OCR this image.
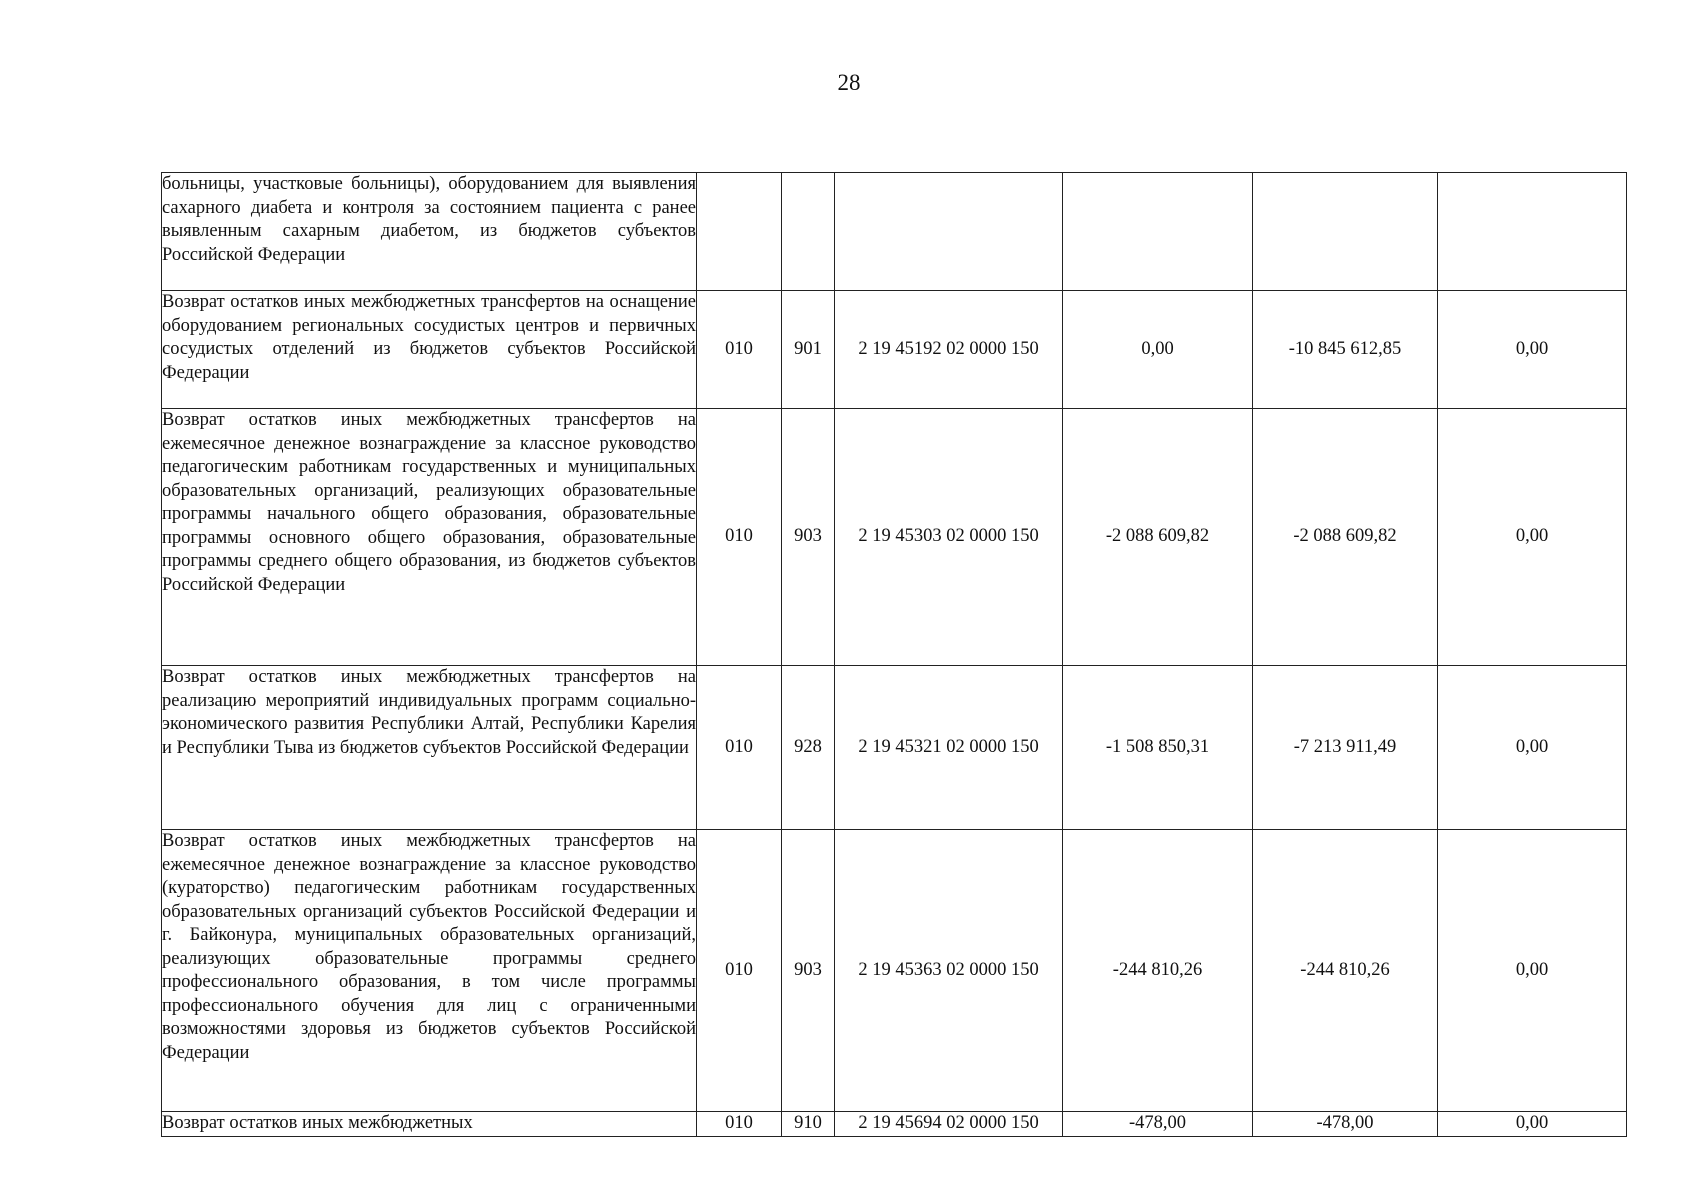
28
больницы, участковые больницы), оборудованием для выявления сахарного диабета и контроля за состоянием пациента с ранее выявленным сахарным диабетом, из бюджетов субъектов Российской Федерации						
Возврат остатков иных межбюджетных трансфертов на оснащение оборудованием региональных сосудистых центров и первичных сосудистых отделений из бюджетов субъектов Российской Федерации	010	901	2 19 45192 02 0000 150	0,00	-10 845 612,85	0,00
Возврат остатков иных межбюджетных трансфертов на ежемесячное денежное вознаграждение за классное руководство педагогическим работникам государственных и муниципальных образовательных организаций, реализующих образовательные программы начального общего образования, образовательные программы основного общего образования, образовательные программы среднего общего образования, из бюджетов субъектов Российской Федерации	010	903	2 19 45303 02 0000 150	-2 088 609,82	-2 088 609,82	0,00
Возврат остатков иных межбюджетных трансфертов на реализацию мероприятий индивидуальных программ социально-экономического развития Республики Алтай, Республики Карелия и Республики Тыва из бюджетов субъектов Российской Федерации	010	928	2 19 45321 02 0000 150	-1 508 850,31	-7 213 911,49	0,00
Возврат остатков иных межбюджетных трансфертов на ежемесячное денежное вознаграждение за классное руководство (кураторство) педагогическим работникам государственных образовательных организаций субъектов Российской Федерации и г. Байконура, муниципальных образовательных организаций, реализующих образовательные программы среднего профессионального образования, в том числе программы профессионального обучения для лиц с ограниченными возможностями здоровья из бюджетов субъектов Российской Федерации	010	903	2 19 45363 02 0000 150	-244 810,26	-244 810,26	0,00
Возврат остатков иных межбюджетных	010	910	2 19 45694 02 0000 150	-478,00	-478,00	0,00
